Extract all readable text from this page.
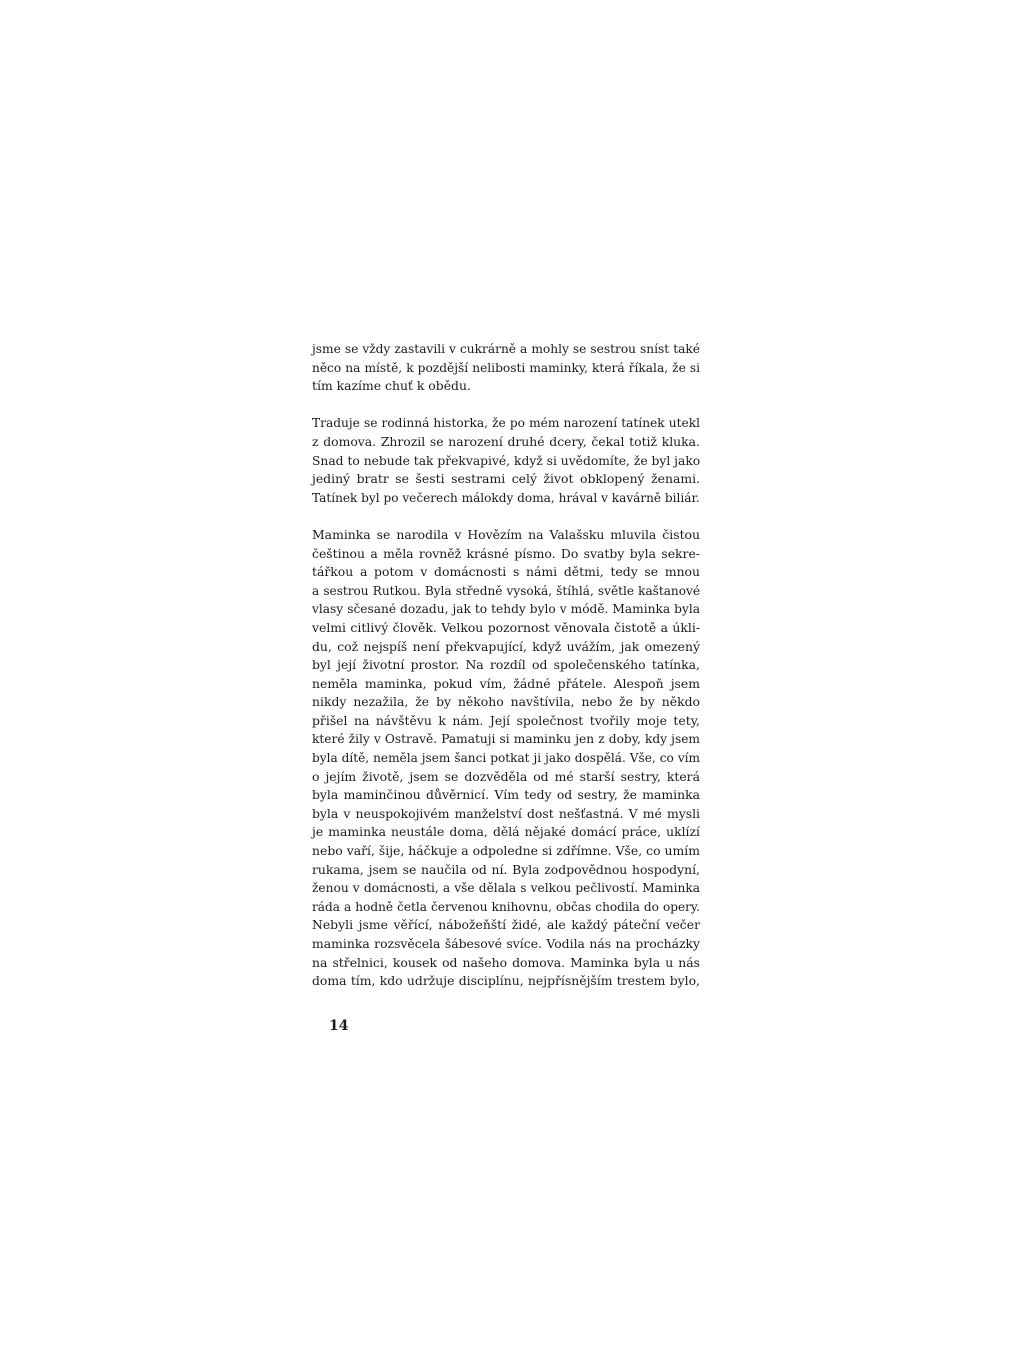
jsme se vždy zastavili v cukrárně a mohly se sestrou sníst také
něco na místě, k pozdější nelibosti maminky, která říkala, že si
tím kazíme chuť k obědu.

Traduje se rodinná historka, že po mém narození tatínek utekl
z domova. Zhrozil se narození druhé dcery, čekal totiž kluka.
Snad to nebude tak překvapivé, když si uvědomíte, že byl jako
jediný bratr se šesti sestrami celý život obklopený ženami.
Tatínek byl po večerech málokdy doma, hrával v kavárně biliár.

Maminka se narodila v Hovězím na Valašsku mluvila čistou
češtinou a měla rovněž krásné písmo. Do svatby byla sekre-
tářkou a potom v domácnosti s námi dětmi, tedy se mnou
a sestrou Rutkou. Byla středně vysoká, štíhlá, světle kaštanové
vlasy sčesané dozadu, jak to tehdy bylo v módě. Maminka byla
velmi citlivý člověk. Velkou pozornost věnovala čistotě a úkli-
du, což nejspíš není překvapující, když uvážím, jak omezený
byl její životní prostor. Na rozdíl od společenského tatínka,
neměla maminka, pokud vím, žádné přátele. Alespoň jsem
nikdy nezažila, že by někoho navštívila, nebo že by někdo
přišel na návštěvu k nám. Její společnost tvořily moje tety,
které žily v Ostravě. Pamatuji si maminku jen z doby, kdy jsem
byla dítě, neměla jsem šanci potkat ji jako dospělá. Vše, co vím
o jejím životě, jsem se dozvěděla od mé starší sestry, která
byla maminčinou důvěrnicí. Vím tedy od sestry, že maminka
byla v neuspokojivém manželství dost nešťastná. V mé mysli
je maminka neustále doma, dělá nějaké domácí práce, uklízí
nebo vaří, šije, háčkuje a odpoledne si zdřímne. Vše, co umím
rukama, jsem se naučila od ní. Byla zodpovědnou hospodyní,
ženou v domácnosti, a vše dělala s velkou pečlivostí. Maminka
ráda a hodně četla červenou knihovnu, občas chodila do opery.
Nebyli jsme věřící, nábožeňští židé, ale každý páteční večer
maminka rozsvěcela šábesové svíce. Vodila nás na procházky
na střelnici, kousek od našeho domova. Maminka byla u nás
doma tím, kdo udržuje disciplínu, nejpřísnějším trestem bylo,

14
